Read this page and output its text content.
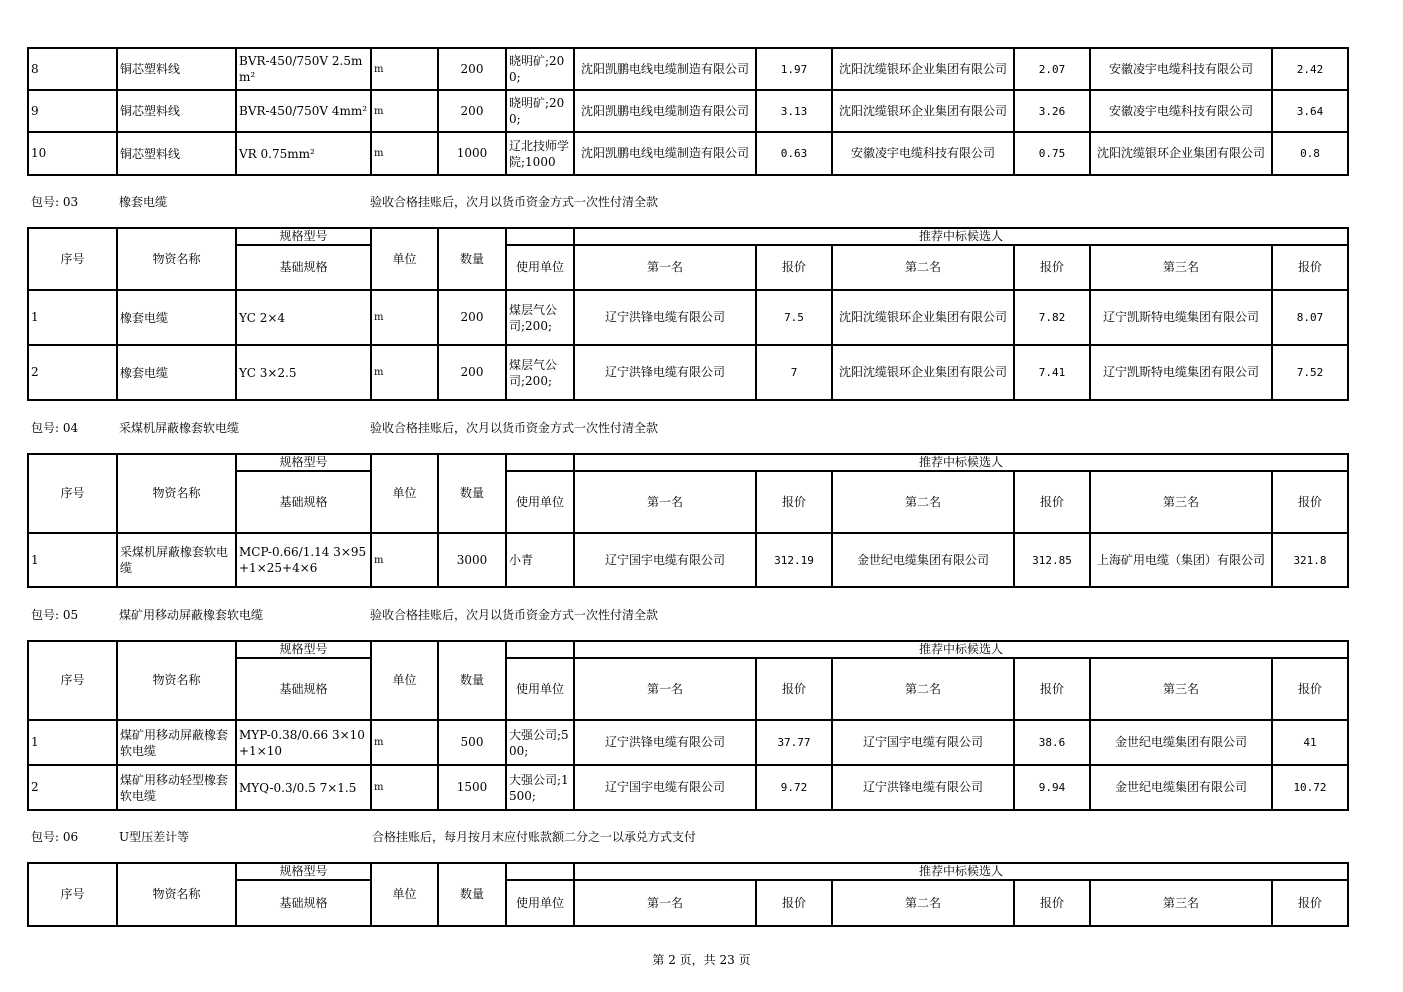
8	铜芯塑料线	BVR-450/750V 2.5mm²	m	200	晓明矿;200;	沈阳凯鹏电线电缆制造有限公司	1.97	沈阳沈缆银环企业集团有限公司	2.07	安徽凌宇电缆科技有限公司	2.42
9	铜芯塑料线	BVR-450/750V 4mm²	m	200	晓明矿;200;	沈阳凯鹏电线电缆制造有限公司	3.13	沈阳沈缆银环企业集团有限公司	3.26	安徽凌宇电缆科技有限公司	3.64
10	铜芯塑料线	VR 0.75mm²	m	1000	辽北技师学院;1000	沈阳凯鹏电线电缆制造有限公司	0.63	安徽凌宇电缆科技有限公司	0.75	沈阳沈缆银环企业集团有限公司	0.8
包号: 03	橡套电缆	验收合格挂账后，次月以货币资金方式一次性付清全款
序号	物资名称	规格型号	单位	数量		推荐中标候选人					
		基础规格			使用单位	第一名	报价	第二名	报价	第三名	报价
1	橡套电缆	YC 2×4	m	200	煤层气公司;200;	辽宁洪锋电缆有限公司	7.5	沈阳沈缆银环企业集团有限公司	7.82	辽宁凯斯特电缆集团有限公司	8.07
2	橡套电缆	YC 3×2.5	m	200	煤层气公司;200;	辽宁洪锋电缆有限公司	7	沈阳沈缆银环企业集团有限公司	7.41	辽宁凯斯特电缆集团有限公司	7.52
包号: 04	采煤机屏蔽橡套软电缆	验收合格挂账后，次月以货币资金方式一次性付清全款
序号	物资名称	规格型号	单位	数量		推荐中标候选人					
		基础规格			使用单位	第一名	报价	第二名	报价	第三名	报价
1	采煤机屏蔽橡套软电缆	MCP-0.66/1.14 3×95+1×25+4×6	m	3000	小青	辽宁国宇电缆有限公司	312.19	金世纪电缆集团有限公司	312.85	上海矿用电缆（集团）有限公司	321.8
包号: 05	煤矿用移动屏蔽橡套软电缆	验收合格挂账后，次月以货币资金方式一次性付清全款
序号	物资名称	规格型号	单位	数量		推荐中标候选人					
		基础规格			使用单位	第一名	报价	第二名	报价	第三名	报价
1	煤矿用移动屏蔽橡套软电缆	MYP-0.38/0.66 3×10+1×10	m	500	大强公司;500;	辽宁洪锋电缆有限公司	37.77	辽宁国宇电缆有限公司	38.6	金世纪电缆集团有限公司	41
2	煤矿用移动轻型橡套软电缆	MYQ-0.3/0.5 7×1.5	m	1500	大强公司;1500;	辽宁国宇电缆有限公司	9.72	辽宁洪锋电缆有限公司	9.94	金世纪电缆集团有限公司	10.72
包号: 06	U型压差计等	合格挂账后，每月按月末应付账款额二分之一以承兑方式支付
序号	物资名称	规格型号	单位	数量		推荐中标候选人					
		基础规格			使用单位	第一名	报价	第二名	报价	第三名	报价
第 2 页，共 23 页
